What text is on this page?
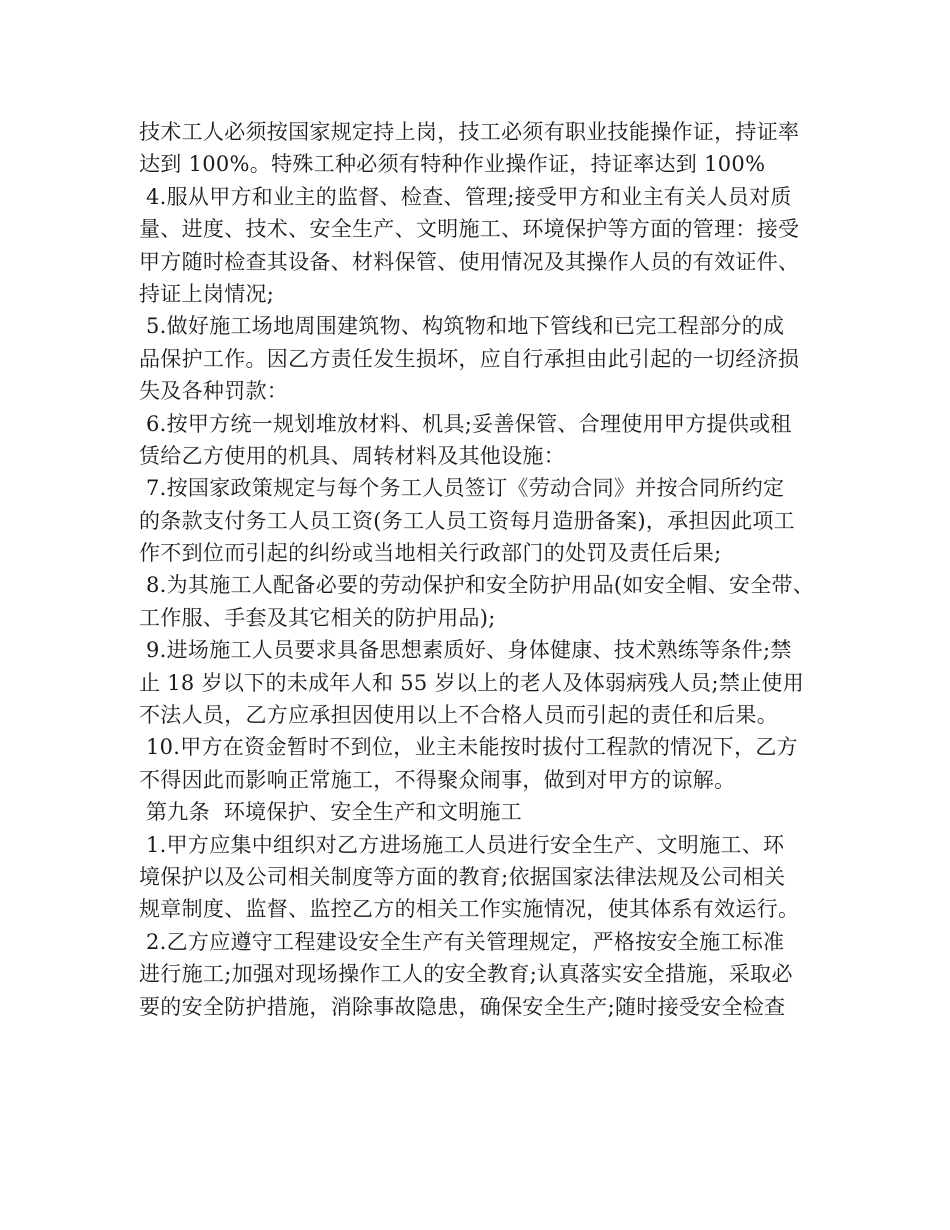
技术工人必须按国家规定持上岗，技工必须有职业技能操作证，持证率
达到 100%。特殊工种必须有特种作业操作证，持证率达到 100%
4.服从甲方和业主的监督、检查、管理;接受甲方和业主有关人员对质
量、进度、技术、安全生产、文明施工、环境保护等方面的管理：接受
甲方随时检查其设备、材料保管、使用情况及其操作人员的有效证件、
持证上岗情况;
5.做好施工场地周围建筑物、构筑物和地下管线和已完工程部分的成
品保护工作。因乙方责任发生损坏，应自行承担由此引起的一切经济损
失及各种罚款：
6.按甲方统一规划堆放材料、机具;妥善保管、合理使用甲方提供或租
赁给乙方使用的机具、周转材料及其他设施：
7.按国家政策规定与每个务工人员签订《劳动合同》并按合同所约定
的条款支付务工人员工资(务工人员工资每月造册备案)，承担因此项工
作不到位而引起的纠纷或当地相关行政部门的处罚及责任后果;
8.为其施工人配备必要的劳动保护和安全防护用品(如安全帽、安全带、
工作服、手套及其它相关的防护用品);
9.进场施工人员要求具备思想素质好、身体健康、技术熟练等条件;禁
止 18 岁以下的未成年人和 55 岁以上的老人及体弱病残人员;禁止使用
不法人员，乙方应承担因使用以上不合格人员而引起的责任和后果。
10.甲方在资金暂时不到位，业主未能按时拔付工程款的情况下，乙方
不得因此而影响正常施工，不得聚众闹事，做到对甲方的谅解。
第九条  环境保护、安全生产和文明施工
1.甲方应集中组织对乙方进场施工人员进行安全生产、文明施工、环
境保护以及公司相关制度等方面的教育;依据国家法律法规及公司相关
规章制度、监督、监控乙方的相关工作实施情况，使其体系有效运行。
2.乙方应遵守工程建设安全生产有关管理规定，严格按安全施工标准
进行施工;加强对现场操作工人的安全教育;认真落实安全措施，采取必
要的安全防护措施，消除事故隐患，确保安全生产;随时接受安全检查
